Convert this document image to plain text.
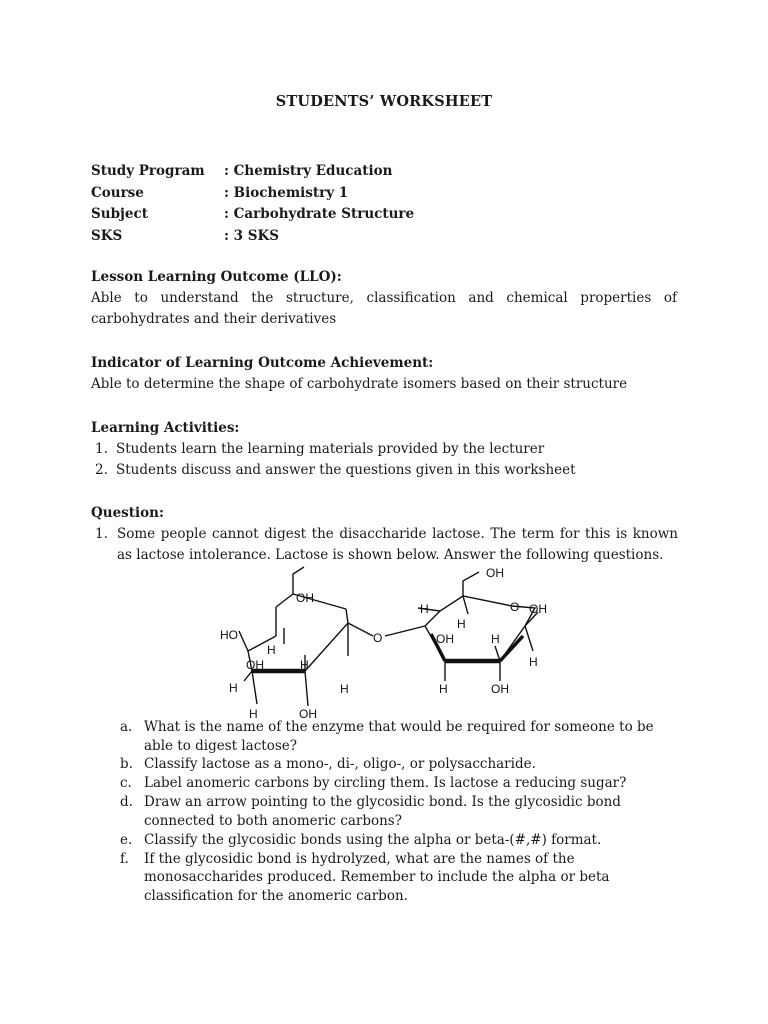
STUDENTS’ WORKSHEET
Study Program : Chemistry Education
Course	: Biochemistry 1
Subject	: Carbohydrate Structure
SKS	: 3 SKS
Lesson Learning Outcome (LLO):
Able to understand the structure, classification and chemical properties of carbohydrates and their derivatives
Indicator of Learning Outcome Achievement:
Able to determine the shape of carbohydrate isomers based on their structure
Learning Activities:
1. Students learn the learning materials provided by the lecturer
2. Students discuss and answer the questions given in this worksheet
Question:
1. Some people cannot digest the disaccharide lactose. The term for this is known as lactose intolerance. Lactose is shown below. Answer the following questions.
OH
HO
H
OH	H
H	H
H	OH
O
OH
H
H
O OH
OH	H
H
H	OH
a. What is the name of the enzyme that would be required for someone to be able to digest lactose?
b. Classify lactose as a mono-, di-, oligo-, or polysaccharide.
c. Label anomeric carbons by circling them. Is lactose a reducing sugar?
d. Draw an arrow pointing to the glycosidic bond. Is the glycosidic bond connected to both anomeric carbons?
e. Classify the glycosidic bonds using the alpha or beta-(#,#) format.
f. If the glycosidic bond is hydrolyzed, what are the names of the monosaccharides produced. Remember to include the alpha or beta classification for the anomeric carbon.
